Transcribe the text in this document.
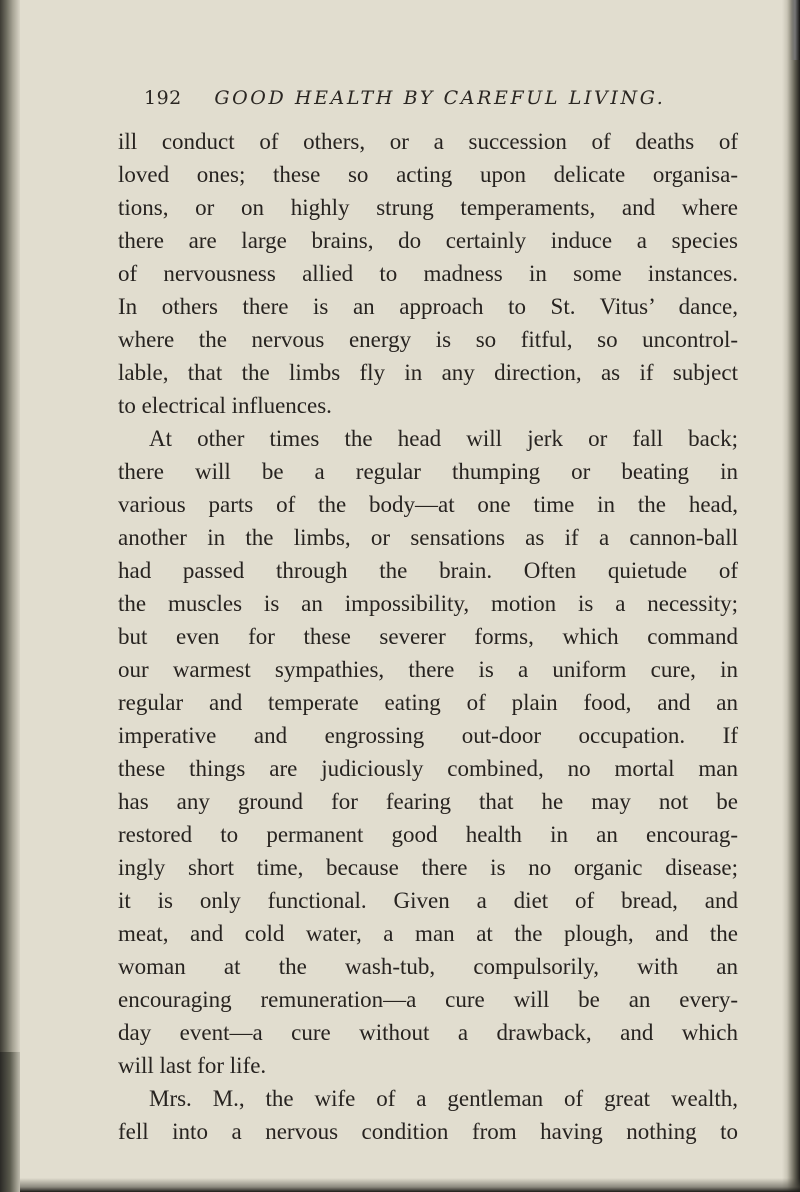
192 GOOD HEALTH BY CAREFUL LIVING.
ill conduct of others, or a succession of deaths of
loved ones; these so acting upon delicate organisa-
tions, or on highly strung temperaments, and where
there are large brains, do certainly induce a species
of nervousness allied to madness in some instances.
In others there is an approach to St. Vitus’ dance,
where the nervous energy is so fitful, so uncontrol-
lable, that the limbs fly in any direction, as if subject
to electrical influences.
At other times the head will jerk or fall back;
there will be a regular thumping or beating in
various parts of the body—at one time in the head,
another in the limbs, or sensations as if a cannon-ball
had passed through the brain. Often quietude of
the muscles is an impossibility, motion is a necessity;
but even for these severer forms, which command
our warmest sympathies, there is a uniform cure, in
regular and temperate eating of plain food, and an
imperative and engrossing out-door occupation. If
these things are judiciously combined, no mortal man
has any ground for fearing that he may not be
restored to permanent good health in an encourag-
ingly short time, because there is no organic disease;
it is only functional. Given a diet of bread, and
meat, and cold water, a man at the plough, and the
woman at the wash-tub, compulsorily, with an
encouraging remuneration—a cure will be an every-
day event—a cure without a drawback, and which
will last for life.
Mrs. M., the wife of a gentleman of great wealth,
fell into a nervous condition from having nothing to
